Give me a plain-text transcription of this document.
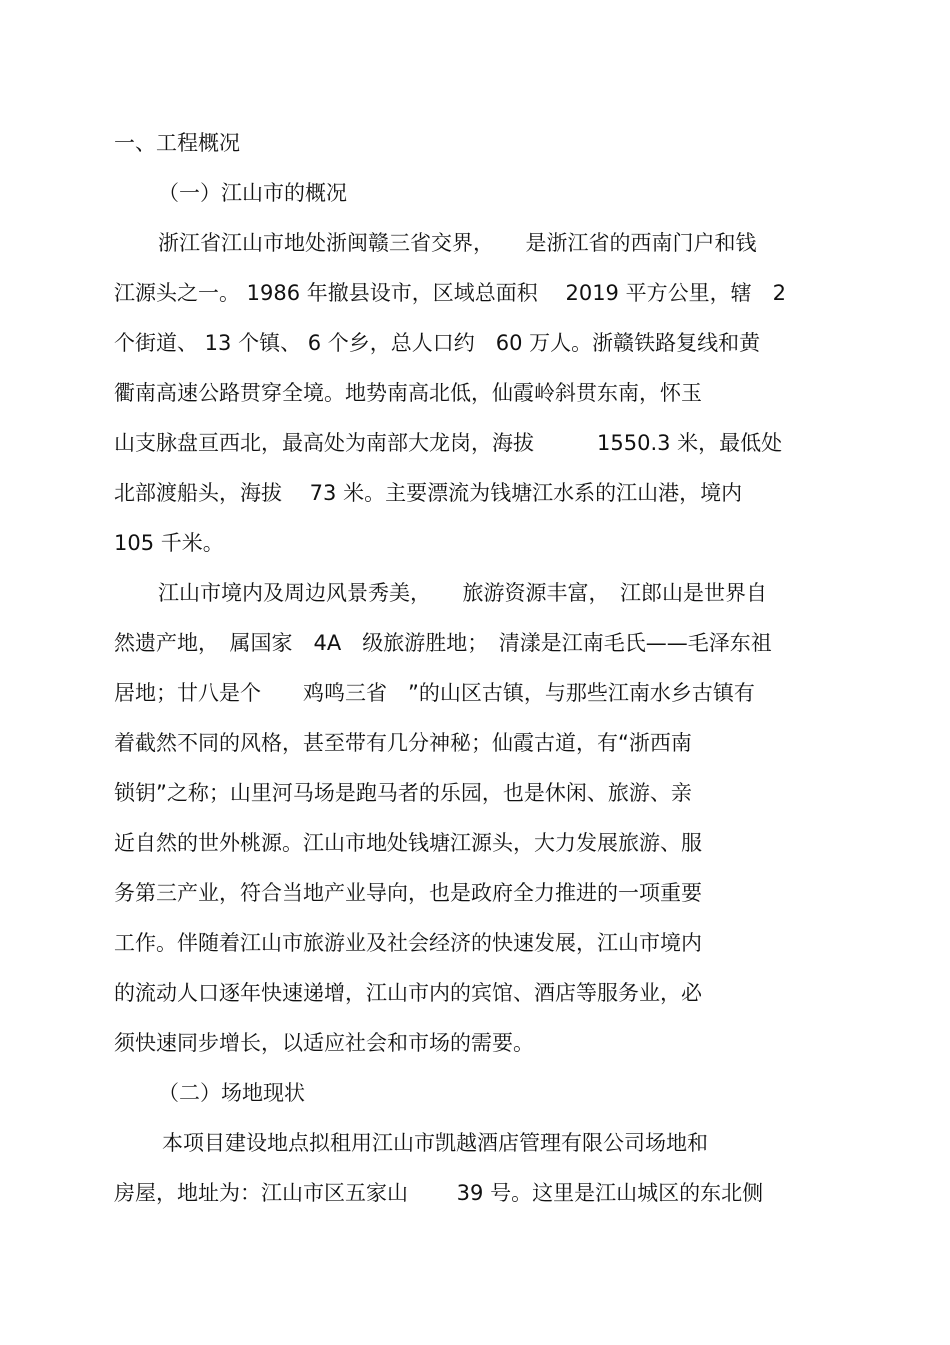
一、工程概况

（一）江山市的概况

浙江省江山市地处浙闽赣三省交界，　　是浙江省的西南门户和钱

江源头之一。 1986 年撤县设市，区域总面积　 2019 平方公里，辖　2

个街道、 13 个镇、 6 个乡，总人口约　60 万人。浙赣铁路复线和黄

衢南高速公路贯穿全境。地势南高北低，仙霞岭斜贯东南，怀玉

山支脉盘亘西北，最高处为南部大龙岗，海拔　　　1550.3 米，最低处

北部渡船头，海拔　 73 米。主要漂流为钱塘江水系的江山港，境内

105 千米。

江山市境内及周边风景秀美，　　旅游资源丰富，　江郎山是世界自

然遗产地，　属国家　4A　级旅游胜地；　清漾是江南毛氏——毛泽东祖

居地；廿八是个　　鸡鸣三省　”的山区古镇，与那些江南水乡古镇有

着截然不同的风格，甚至带有几分神秘；仙霞古道，有“浙西南

锁钥”之称；山里河马场是跑马者的乐园，也是休闲、旅游、亲

近自然的世外桃源。江山市地处钱塘江源头，大力发展旅游、服

务第三产业，符合当地产业导向，也是政府全力推进的一项重要

工作。伴随着江山市旅游业及社会经济的快速发展，江山市境内

的流动人口逐年快速递增，江山市内的宾馆、酒店等服务业，必

须快速同步增长，以适应社会和市场的需要。

（二）场地现状

本项目建设地点拟租用江山市凯越酒店管理有限公司场地和

房屋，地址为：江山市区五家山　　 39 号。这里是江山城区的东北侧
